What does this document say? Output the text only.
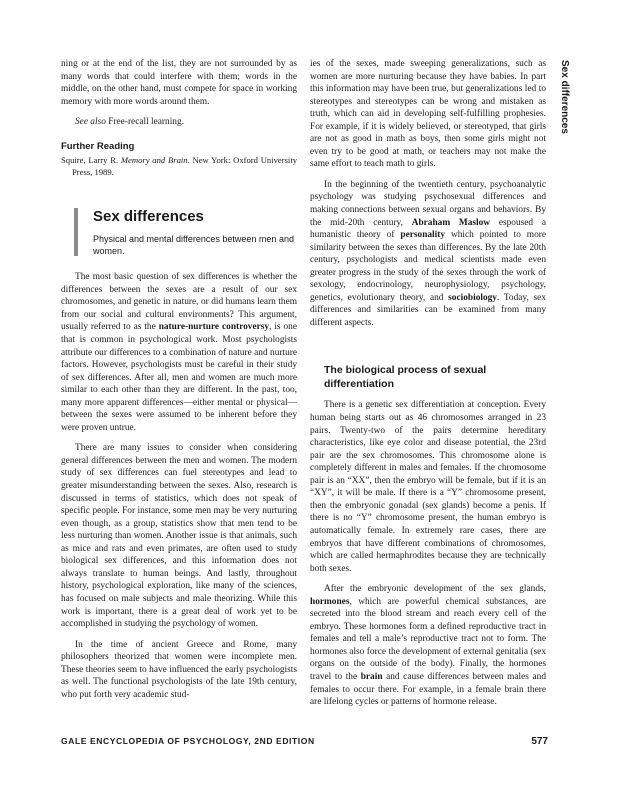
Sex differences

ning or at the end of the list, they are not surrounded by as many words that could interfere with them; words in the middle, on the other hand, must compete for space in working memory with more words around them.

See also Free-recall learning.

Further Reading

Squire, Larry R. Memory and Brain. New York: Oxford University Press, 1989.

Sex differences
Physical and mental differences between men and women.

The most basic question of sex differences is whether the differences between the sexes are a result of our sex chromosomes, and genetic in nature, or did humans learn them from our social and cultural environments? This argument, usually referred to as the nature-nurture controversy, is one that is common in psychological work. Most psychologists attribute our differences to a combination of nature and nurture factors. However, psychologists must be careful in their study of sex differences. After all, men and women are much more similar to each other than they are different. In the past, too, many more apparent differences—either mental or physical—between the sexes were assumed to be inherent before they were proven untrue.

There are many issues to consider when considering general differences between the men and women. The modern study of sex differences can fuel stereotypes and lead to greater misunderstanding between the sexes. Also, research is discussed in terms of statistics, which does not speak of specific people. For instance, some men may be very nurturing even though, as a group, statistics show that men tend to be less nurturing than women. Another issue is that animals, such as mice and rats and even primates, are often used to study biological sex differences, and this information does not always translate to human beings. And lastly, throughout history, psychological exploration, like many of the sciences, has focused on male subjects and male theorizing. While this work is important, there is a great deal of work yet to be accomplished in studying the psychology of women.

In the time of ancient Greece and Rome, many philosophers theorized that women were incomplete men. These theories seem to have influenced the early psychologists as well. The functional psychologists of the late 19th century, who put forth very academic stud-

ies of the sexes, made sweeping generalizations, such as women are more nurturing because they have babies. In part this information may have been true, but generalizations led to stereotypes and stereotypes can be wrong and mistaken as truth, which can aid in developing self-fulfilling prophesies. For example, if it is widely believed, or stereotyped, that girls are not as good in math as boys, then some girls might not even try to be good at math, or teachers may not make the same effort to teach math to girls.

In the beginning of the twentieth century, psychoanalytic psychology was studying psychosexual differences and making connections between sexual organs and behaviors. By the mid-20th century, Abraham Maslow espoused a humanistic theory of personality which pointed to more similarity between the sexes than differences. By the late 20th century, psychologists and medical scientists made even greater progress in the study of the sexes through the work of sexology, endocrinology, neurophysiology, psychology, genetics, evolutionary theory, and sociobiology. Today, sex differences and similarities can be examined from many different aspects.

The biological process of sexual differentiation

There is a genetic sex differentiation at conception. Every human being starts out as 46 chromosomes arranged in 23 pairs. Twenty-two of the pairs determine hereditary characteristics, like eye color and disease potential, the 23rd pair are the sex chromosomes. This chromosome alone is completely different in males and females. If the chromosome pair is an “XX”, then the embryo will be female, but if it is an “XY”, it will be male. If there is a “Y” chromosome present, then the embryonic gonadal (sex glands) become a penis. If there is no “Y” chromosome present, the human embryo is automatically female. In extremely rare cases, there are embryos that have different combinations of chromosomes, which are called hermaphrodites because they are technically both sexes.

After the embryonic development of the sex glands, hormones, which are powerful chemical substances, are secreted into the blood stream and reach every cell of the embryo. These hormones form a defined reproductive tract in females and tell a male’s reproductive tract not to form. The hormones also force the development of external genitalia (sex organs on the outside of the body). Finally, the hormones travel to the brain and cause differences between males and females to occur there. For example, in a female brain there are lifelong cycles or patterns of hormone release.

GALE ENCYCLOPEDIA OF PSYCHOLOGY, 2ND EDITION	577
